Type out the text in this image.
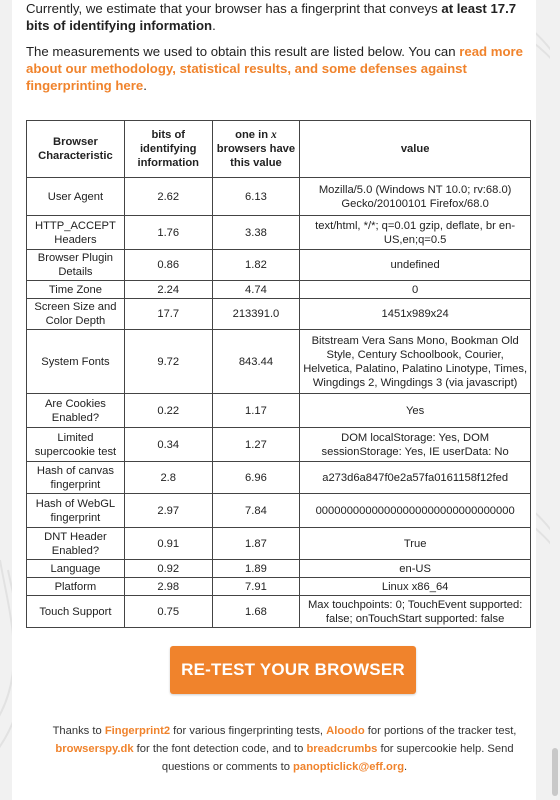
Currently, we estimate that your browser has a fingerprint that conveys at least 17.7 bits of identifying information.

The measurements we used to obtain this result are listed below. You can read more about our methodology, statistical results, and some defenses against fingerprinting here.

Browser Characteristic	bits of identifying information	one in x browsers have this value	value
User Agent	2.62	6.13	Mozilla/5.0 (Windows NT 10.0; rv:68.0) Gecko/20100101 Firefox/68.0
HTTP_ACCEPT Headers	1.76	3.38	text/html, */*; q=0.01 gzip, deflate, br en-US,en;q=0.5
Browser Plugin Details	0.86	1.82	undefined
Time Zone	2.24	4.74	0
Screen Size and Color Depth	17.7	213391.0	1451x989x24
System Fonts	9.72	843.44	Bitstream Vera Sans Mono, Bookman Old Style, Century Schoolbook, Courier, Helvetica, Palatino, Palatino Linotype, Times, Wingdings 2, Wingdings 3 (via javascript)
Are Cookies Enabled?	0.22	1.17	Yes
Limited supercookie test	0.34	1.27	DOM localStorage: Yes, DOM sessionStorage: Yes, IE userData: No
Hash of canvas fingerprint	2.8	6.96	a273d6a847f0e2a57fa0161158f12fed
Hash of WebGL fingerprint	2.97	7.84	00000000000000000000000000000000
DNT Header Enabled?	0.91	1.87	True
Language	0.92	1.89	en-US
Platform	2.98	7.91	Linux x86_64
Touch Support	0.75	1.68	Max touchpoints: 0; TouchEvent supported: false; onTouchStart supported: false
RE-TEST YOUR BROWSER
Thanks to Fingerprint2 for various fingerprinting tests, Aloodo for portions of the tracker test, browserspy.dk for the font detection code, and to breadcrumbs for supercookie help. Send questions or comments to panopticlick@eff.org.
